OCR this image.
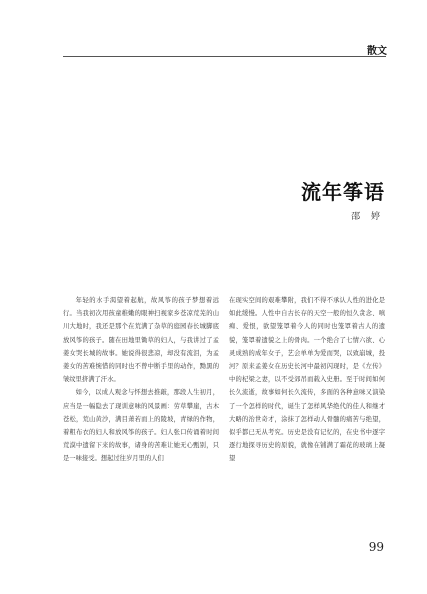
散文
流年筝语
邵 婷

年轻的水手渴望着起航，故风筝的孩子梦想着远行。当我初次用孩童稚嫩的眼神扫视家乡苍凉荒芜的山川大地时，我还是那个在荒满了杂草的庭园春长城脚底放风筝的孩子。随在田地里锄草的妇人，与我讲过了孟姜女哭长城的故事。她说得很悲凉，却没有流泪，为孟姜女的苦难惋惜的同时也不曾中断手里的动作，黝黑的皱纹里挤满了汗水。

如今，以成人观念与怀想去推敲，那段人生初月，应当是一幅隐去了现训意味的风景画：劳草攀崖，古木苍松，荒山黄沙，满目萧若而上的陵坡，青绿的作物，着粗布衣的妇人和放风筝的孩子。妇人张口传诵着时间荒漠中遗留下来的故事，诸身的苦难让她无心甄别，只是一味接受。想起过往岁月里的人们

在现实空间的艰难攀附，我们不得不承认人性的进化是如此缓慢。人性中自古长存的天空一般的恒久贪念、嗔痴、爱恨，欲望笼罩着今人的同时也笼罩着古人的遗貌，笼罩着遗貌之上的骨肉。一个绝合了七情六欲、心灵成熟的成年女子，艺会单单为爱而哭，以致崩城，投河？原来孟姜女在历史长河中最初闪现时，是《左传》中的杞梁之妻，以不受郊吊而载入史册。至于时间如何长久流逝，故事如何长久流传，多面的各种意味又演染了一个怎样的时代，诞生了怎样风华绝代的佳人和继才大略的治世奇才，涂抹了怎样动人骨髓的痛苦与绝望，似乎都已无从考究。历史是没有记忆的，在史书中逐字逐行地探寻历史的原貌，就像在铺满了霜花的玻璃上凝望

99
